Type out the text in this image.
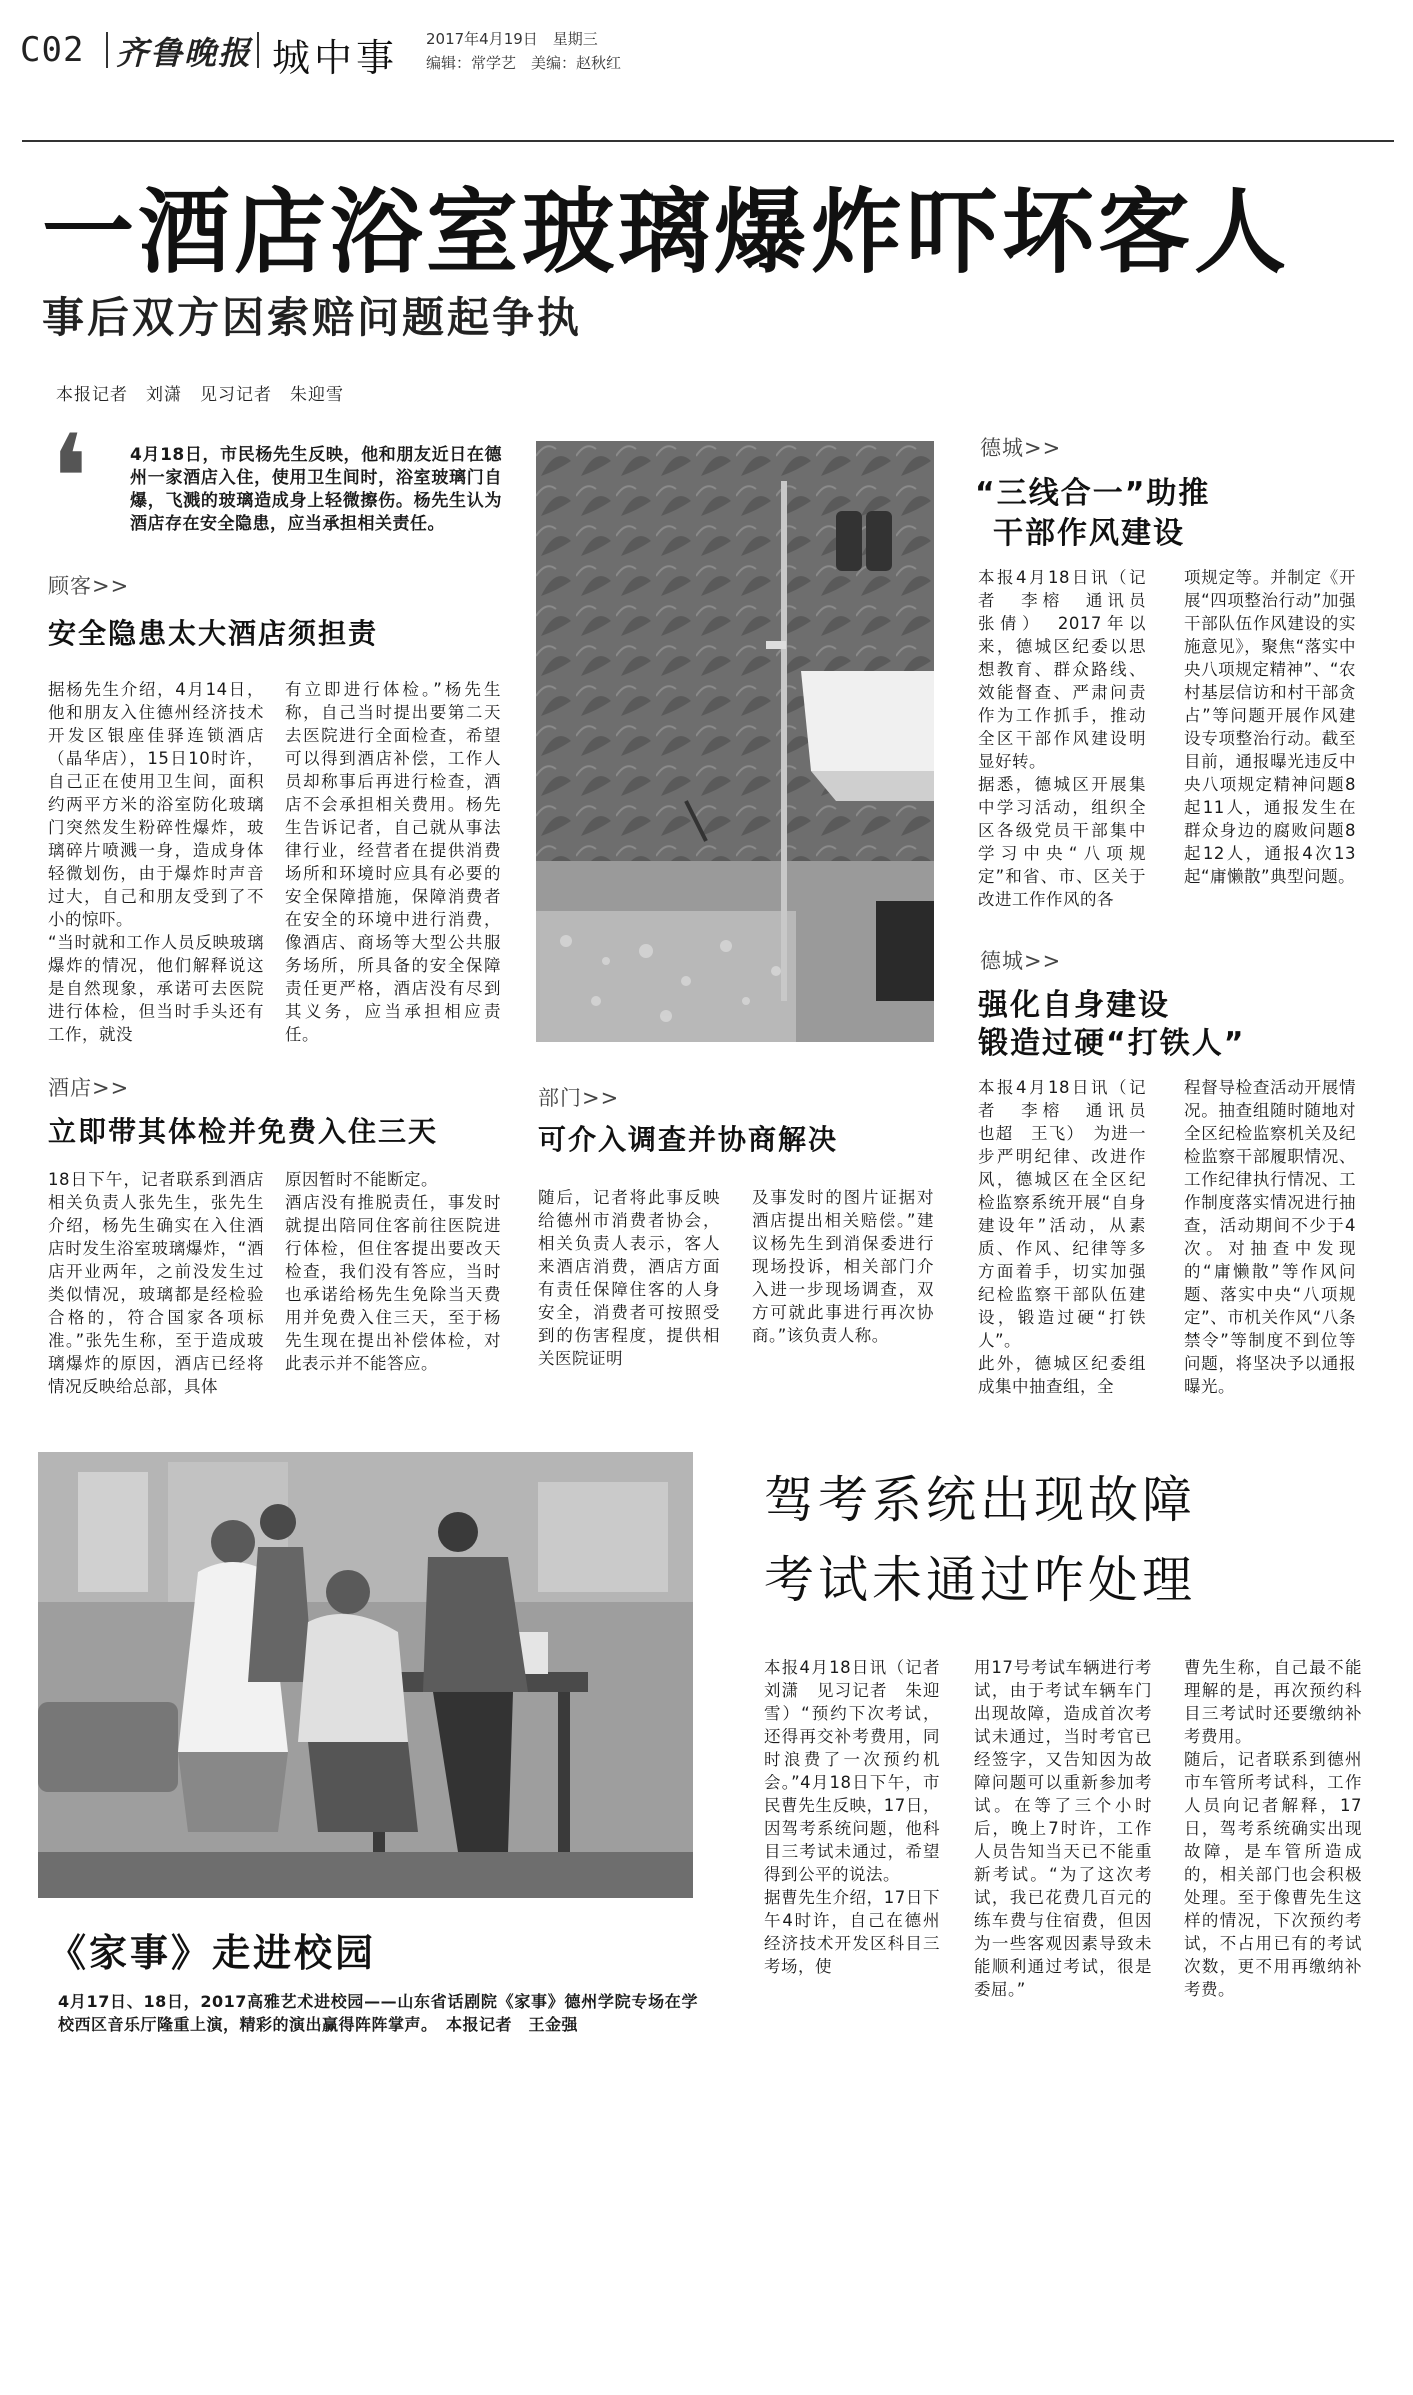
C02 齐鲁晚报 城中事 2017年4月19日　星期三
编辑：常学艺　美编：赵秋红
一酒店浴室玻璃爆炸吓坏客人
事后双方因索赔问题起争执
本报记者　刘潇　见习记者　朱迎雪
❛ 4月18日，市民杨先生反映，他和朋友近日在德州一家酒店入住，使用卫生间时，浴室玻璃门自爆，飞溅的玻璃造成身上轻微擦伤。杨先生认为酒店存在安全隐患，应当承担相关责任。
顾客>>
安全隐患太大酒店须担责
据杨先生介绍，4月14日，他和朋友入住德州经济技术开发区银座佳驿连锁酒店（晶华店），15日10时许，自己正在使用卫生间，面积约两平方米的浴室防化玻璃门突然发生粉碎性爆炸，玻璃碎片喷溅一身，造成身体轻微划伤，由于爆炸时声音过大，自己和朋友受到了不小的惊吓。
“当时就和工作人员反映玻璃爆炸的情况，他们解释说这是自然现象，承诺可去医院进行体检，但当时手头还有工作，就没
有立即进行体检。”杨先生称，自己当时提出要第二天去医院进行全面检查，希望可以得到酒店补偿，工作人员却称事后再进行检查，酒店不会承担相关费用。杨先生告诉记者，自己就从事法律行业，经营者在提供消费场所和环境时应具有必要的安全保障措施，保障消费者在安全的环境中进行消费，像酒店、商场等大型公共服务场所，所具备的安全保障责任更严格，酒店没有尽到其义务，应当承担相应责任。
德城>>
“三线合一”助推
干部作风建设
本报4月18日讯（记者　李榕　通讯员　张倩）　2017年以来，德城区纪委以思想教育、群众路线、效能督查、严肃问责作为工作抓手，推动全区干部作风建设明显好转。
据悉，德城区开展集中学习活动，组织全区各级党员干部集中学习中央“八项规定”和省、市、区关于改进工作作风的各
项规定等。并制定《开展“四项整治行动”加强干部队伍作风建设的实施意见》，聚焦“落实中央八项规定精神”、“农村基层信访和村干部贪占”等问题开展作风建设专项整治行动。截至目前，通报曝光违反中央八项规定精神问题8起11人，通报发生在群众身边的腐败问题8起12人，通报4次13起“庸懒散”典型问题。
德城>>
强化自身建设
锻造过硬“打铁人”
本报4月18日讯（记者　李榕　通讯员　也超　王飞）　为进一步严明纪律、改进作风，德城区在全区纪检监察系统开展“自身建设年”活动，从素质、作风、纪律等多方面着手，切实加强纪检监察干部队伍建设，锻造过硬“打铁人”。
此外，德城区纪委组成集中抽查组，全
程督导检查活动开展情况。抽查组随时随地对全区纪检监察机关及纪检监察干部履职情况、工作纪律执行情况、工作制度落实情况进行抽查，活动期间不少于4次。对抽查中发现的“庸懒散”等作风问题、落实中央“八项规定”、市机关作风“八条禁令”等制度不到位等问题，将坚决予以通报曝光。
酒店>>
立即带其体检并免费入住三天
18日下午，记者联系到酒店相关负责人张先生，张先生介绍，杨先生确实在入住酒店时发生浴室玻璃爆炸，“酒店开业两年，之前没发生过类似情况，玻璃都是经检验合格的，符合国家各项标准。”张先生称，至于造成玻璃爆炸的原因，酒店已经将情况反映给总部，具体
原因暂时不能断定。
酒店没有推脱责任，事发时就提出陪同住客前往医院进行体检，但住客提出要改天检查，我们没有答应，当时也承诺给杨先生免除当天费用并免费入住三天，至于杨先生现在提出补偿体检，对此表示并不能答应。
部门>>
可介入调查并协商解决
随后，记者将此事反映给德州市消费者协会，相关负责人表示，客人来酒店消费，酒店方面有责任保障住客的人身安全，消费者可按照受到的伤害程度，提供相关医院证明
及事发时的图片证据对酒店提出相关赔偿。”建议杨先生到消保委进行现场投诉，相关部门介入进一步现场调查，双方可就此事进行再次协商。”该负责人称。
《家事》走进校园
4月17日、18日，2017高雅艺术进校园——山东省话剧院《家事》德州学院专场在学校西区音乐厅隆重上演，精彩的演出赢得阵阵掌声。　本报记者　王金强
驾考系统出现故障
考试未通过咋处理
本报4月18日讯（记者　刘潇　见习记者　朱迎雪）“预约下次考试，还得再交补考费用，同时浪费了一次预约机会。”4月18日下午，市民曹先生反映，17日，因驾考系统问题，他科目三考试未通过，希望得到公平的说法。
据曹先生介绍，17日下午4时许，自己在德州经济技术开发区科目三考场，使
用17号考试车辆进行考试，由于考试车辆车门出现故障，造成首次考试未通过，当时考官已经签字，又告知因为故障问题可以重新参加考试。在等了三个小时后，晚上7时许，工作人员告知当天已不能重新考试。“为了这次考试，我已花费几百元的练车费与住宿费，但因为一些客观因素导致未能顺利通过考试，很是委屈。”
曹先生称，自己最不能理解的是，再次预约科目三考试时还要缴纳补考费用。
随后，记者联系到德州市车管所考试科，工作人员向记者解释，17日，驾考系统确实出现故障，是车管所造成的，相关部门也会积极处理。至于像曹先生这样的情况，下次预约考试，不占用已有的考试次数，更不用再缴纳补考费。
